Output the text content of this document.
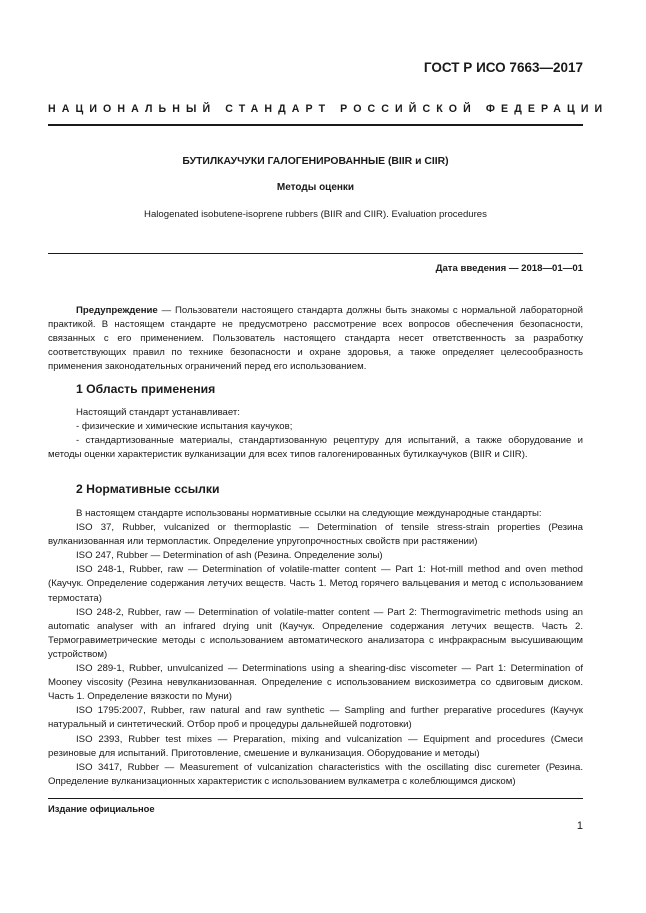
ГОСТ Р ИСО 7663—2017
НАЦИОНАЛЬНЫЙ СТАНДАРТ РОССИЙСКОЙ ФЕДЕРАЦИИ
БУТИЛКАУЧУКИ ГАЛОГЕНИРОВАННЫЕ (BIIR и CIIR)
Методы оценки
Halogenated isobutene-isoprene rubbers (BIIR and CIIR). Evaluation procedures
Дата введения — 2018—01—01

Предупреждение — Пользователи настоящего стандарта должны быть знакомы с нормальной лабораторной практикой. В настоящем стандарте не предусмотрено рассмотрение всех вопросов обеспечения безопасности, связанных с его применением. Пользователь настоящего стандарта несет ответственность за разработку соответствующих правил по технике безопасности и охране здоровья, а также определяет целесообразность применения законодательных ограничений перед его использованием.

1 Область применения

Настоящий стандарт устанавливает:

- физические и химические испытания каучуков;

- стандартизованные материалы, стандартизованную рецептуру для испытаний, а также оборудование и методы оценки характеристик вулканизации для всех типов галогенированных бутилкаучуков (BIIR и CIIR).

2 Нормативные ссылки

В настоящем стандарте использованы нормативные ссылки на следующие международные стандарты:

ISO 37, Rubber, vulcanized or thermoplastic — Determination of tensile stress-strain properties (Резина вулканизованная или термопластик. Определение упругопрочностных свойств при растяжении)

ISO 247, Rubber — Determination of ash (Резина. Определение золы)

ISO 248-1, Rubber, raw — Determination of volatile-matter content — Part 1: Hot-mill method and oven method (Каучук. Определение содержания летучих веществ. Часть 1. Метод горячего вальцевания и метод с использованием термостата)

ISO 248-2, Rubber, raw — Determination of volatile-matter content — Part 2: Thermogravimetric methods using an automatic analyser with an infrared drying unit (Каучук. Определение содержания летучих веществ. Часть 2. Термогравиметрические методы с использованием автоматического анализатора с инфракрасным высушивающим устройством)

ISO 289-1, Rubber, unvulcanized — Determinations using a shearing-disc viscometer — Part 1: Determination of Mooney viscosity (Резина невулканизованная. Определение с использованием вискозиметра со сдвиговым диском. Часть 1. Определение вязкости по Муни)

ISO 1795:2007, Rubber, raw natural and raw synthetic — Sampling and further preparative procedures (Каучук натуральный и синтетический. Отбор проб и процедуры дальнейшей подготовки)

ISO 2393, Rubber test mixes — Preparation, mixing and vulcanization — Equipment and procedures (Смеси резиновые для испытаний. Приготовление, смешение и вулканизация. Оборудование и методы)

ISO 3417, Rubber — Measurement of vulcanization characteristics with the oscillating disc curemeter (Резина. Определение вулканизационных характеристик с использованием вулкаметра с колеблющимся диском)

Издание официальное
1
